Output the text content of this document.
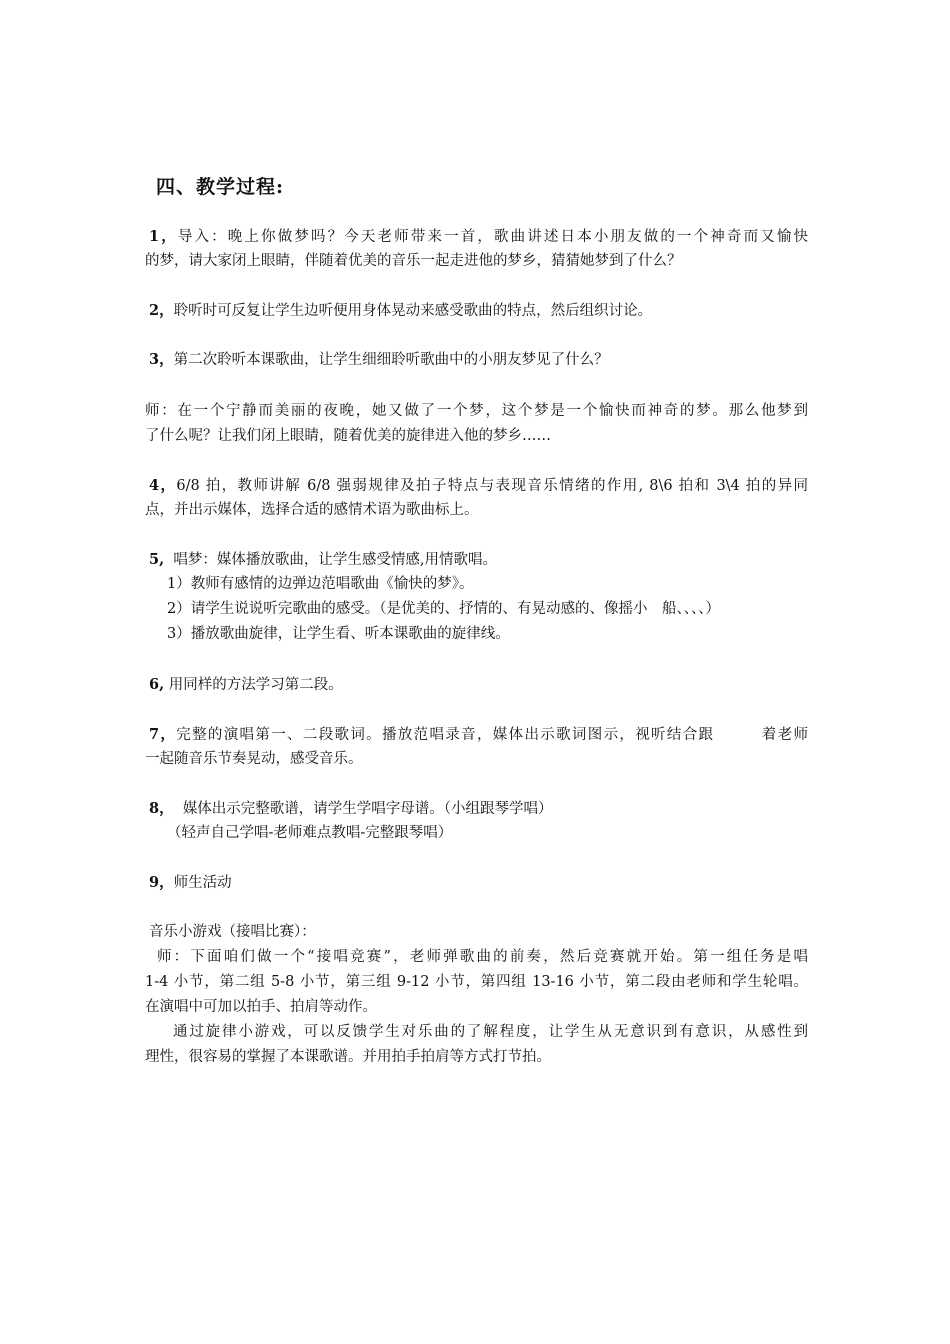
四、教学过程:
1，导入：晚上你做梦吗？今天老师带来一首，歌曲讲述日本小朋友做的一个神奇而又愉快
的梦，请大家闭上眼睛，伴随着优美的音乐一起走进他的梦乡，猜猜她梦到了什么？
2，聆听时可反复让学生边听便用身体晃动来感受歌曲的特点，然后组织讨论。
3，第二次聆听本课歌曲，让学生细细聆听歌曲中的小朋友梦见了什么？
师：在一个宁静而美丽的夜晚，她又做了一个梦，这个梦是一个愉快而神奇的梦。那么他梦到
了什么呢？让我们闭上眼睛，随着优美的旋律进入他的梦乡……
4，6/8 拍，教师讲解 6/8 强弱规律及拍子特点与表现音乐情绪的作用, 8\6 拍和 3\4 拍的异同
点，并出示媒体，选择合适的感情术语为歌曲标上。
5, 唱梦：媒体播放歌曲，让学生感受情感,用情歌唱。
1）教师有感情的边弹边范唱歌曲《愉快的梦》。
2）请学生说说听完歌曲的感受。（是优美的、抒情的、有晃动感的、像摇小　船、、、、）
3）播放歌曲旋律，让学生看、听本课歌曲的旋律线。
6, 用同样的方法学习第二段。
7，完整的演唱第一、二段歌词。播放范唱录音，媒体出示歌词图示，视听结合跟　　　着老师
一起随音乐节奏晃动，感受音乐。
8， 媒体出示完整歌谱，请学生学唱字母谱。（小组跟琴学唱）
（轻声自己学唱-老师难点教唱-完整跟琴唱）
9，师生活动
音乐小游戏（接唱比赛）：
师：下面咱们做一个“接唱竞赛”，老师弹歌曲的前奏，然后竞赛就开始。第一组任务是唱
1-4 小节，第二组 5-8 小节，第三组 9-12 小节，第四组 13-16 小节，第二段由老师和学生轮唱。
在演唱中可加以拍手、拍肩等动作。
通过旋律小游戏，可以反馈学生对乐曲的了解程度，让学生从无意识到有意识，从感性到
理性，很容易的掌握了本课歌谱。并用拍手拍肩等方式打节拍。
